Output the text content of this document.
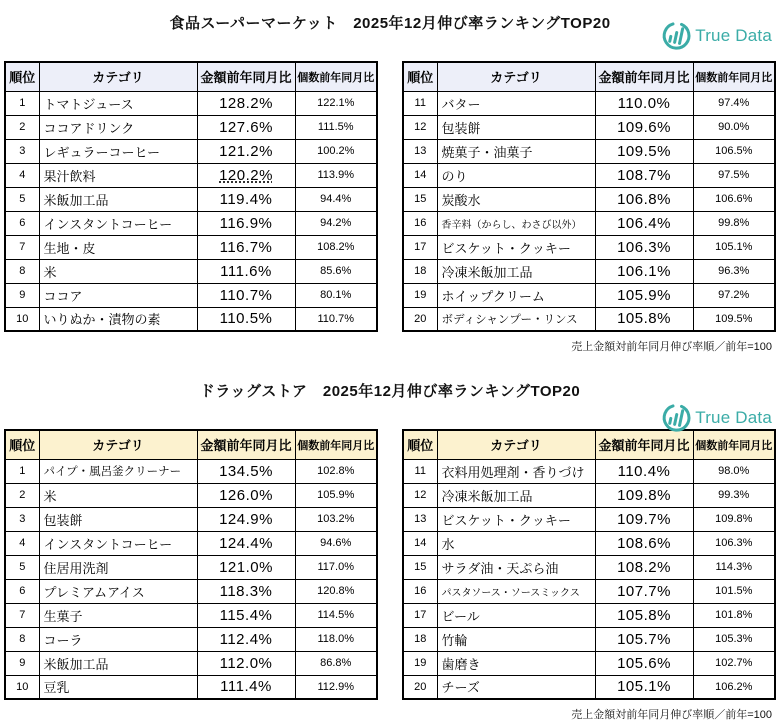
食品スーパーマーケット　2025年12月伸び率ランキングTOP20
True Data
順位	カテゴリ	金額前年同月比	個数前年同月比
1	トマトジュース	128.2%	122.1%
2	ココアドリンク	127.6%	111.5%
3	レギュラーコーヒー	121.2%	100.2%
4	果汁飲料	120.2%	113.9%
5	米飯加工品	119.4%	94.4%
6	インスタントコーヒー	116.9%	94.2%
7	生地・皮	116.7%	108.2%
8	米	111.6%	85.6%
9	ココア	110.7%	80.1%
10	いりぬか・漬物の素	110.5%	110.7%
順位	カテゴリ	金額前年同月比	個数前年同月比
11	バター	110.0%	97.4%
12	包装餅	109.6%	90.0%
13	焼菓子・油菓子	109.5%	106.5%
14	のり	108.7%	97.5%
15	炭酸水	106.8%	106.6%
16	香辛料（からし、わさび以外）	106.4%	99.8%
17	ビスケット・クッキー	106.3%	105.1%
18	冷凍米飯加工品	106.1%	96.3%
19	ホイップクリーム	105.9%	97.2%
20	ボディシャンプー・リンス	105.8%	109.5%
売上金額対前年同月伸び率順／前年=100
ドラッグストア　2025年12月伸び率ランキングTOP20
True Data
順位	カテゴリ	金額前年同月比	個数前年同月比
1	パイプ・風呂釜クリーナー	134.5%	102.8%
2	米	126.0%	105.9%
3	包装餅	124.9%	103.2%
4	インスタントコーヒー	124.4%	94.6%
5	住居用洗剤	121.0%	117.0%
6	プレミアムアイス	118.3%	120.8%
7	生菓子	115.4%	114.5%
8	コーラ	112.4%	118.0%
9	米飯加工品	112.0%	86.8%
10	豆乳	111.4%	112.9%
順位	カテゴリ	金額前年同月比	個数前年同月比
11	衣料用処理剤・香りづけ	110.4%	98.0%
12	冷凍米飯加工品	109.8%	99.3%
13	ビスケット・クッキー	109.7%	109.8%
14	水	108.6%	106.3%
15	サラダ油・天ぷら油	108.2%	114.3%
16	パスタソース・ソースミックス	107.7%	101.5%
17	ビール	105.8%	101.8%
18	竹輪	105.7%	105.3%
19	歯磨き	105.6%	102.7%
20	チーズ	105.1%	106.2%
売上金額対前年同月伸び率順／前年=100
